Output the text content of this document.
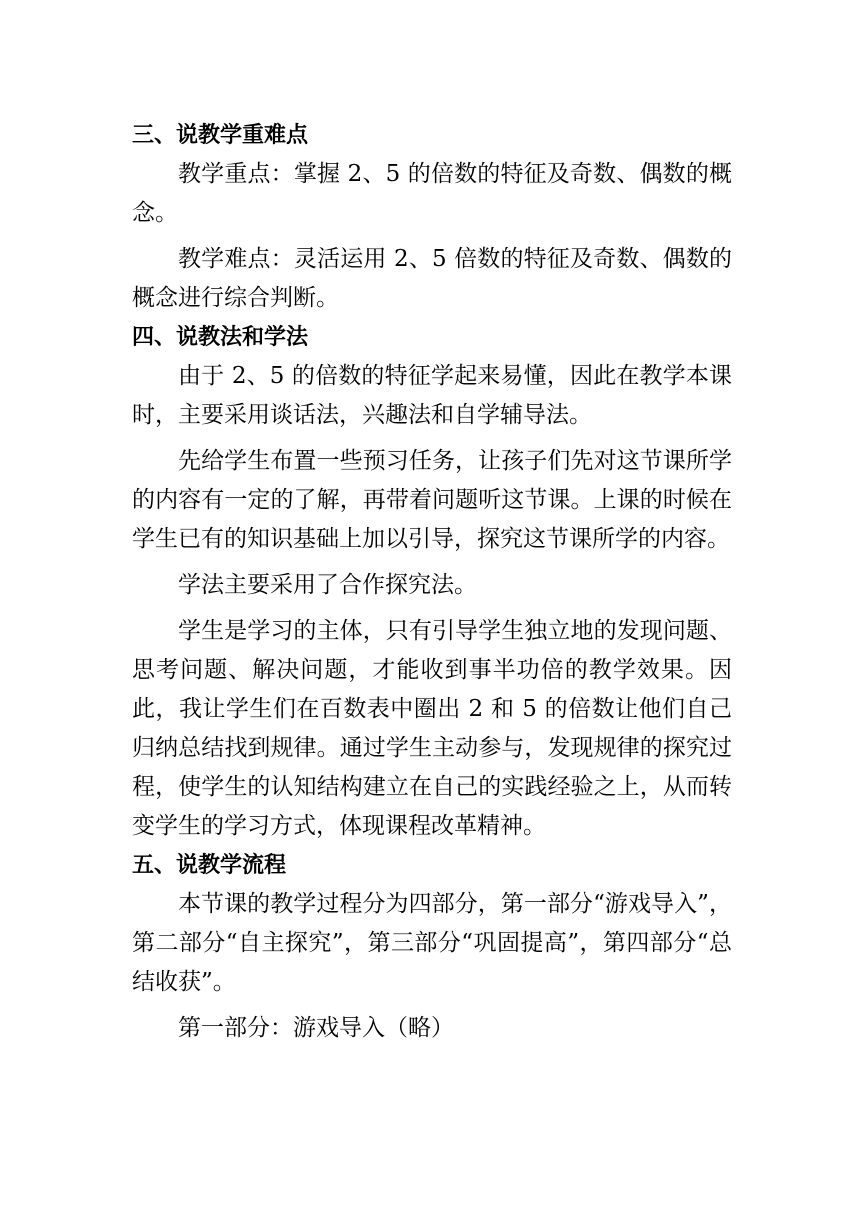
三、说教学重难点

教学重点：掌握 2、5 的倍数的特征及奇数、偶数的概念。

教学难点：灵活运用 2、5 倍数的特征及奇数、偶数的概念进行综合判断。

四、说教法和学法

由于 2、5 的倍数的特征学起来易懂，因此在教学本课时，主要采用谈话法，兴趣法和自学辅导法。

先给学生布置一些预习任务，让孩子们先对这节课所学的内容有一定的了解，再带着问题听这节课。上课的时候在学生已有的知识基础上加以引导，探究这节课所学的内容。

学法主要采用了合作探究法。

学生是学习的主体，只有引导学生独立地的发现问题、思考问题、解决问题，才能收到事半功倍的教学效果。因此，我让学生们在百数表中圈出 2 和 5 的倍数让他们自己归纳总结找到规律。通过学生主动参与，发现规律的探究过程，使学生的认知结构建立在自己的实践经验之上，从而转变学生的学习方式，体现课程改革精神。

五、说教学流程

本节课的教学过程分为四部分，第一部分“游戏导入”，第二部分“自主探究”，第三部分“巩固提高”，第四部分“总结收获”。

第一部分：游戏导入（略）
